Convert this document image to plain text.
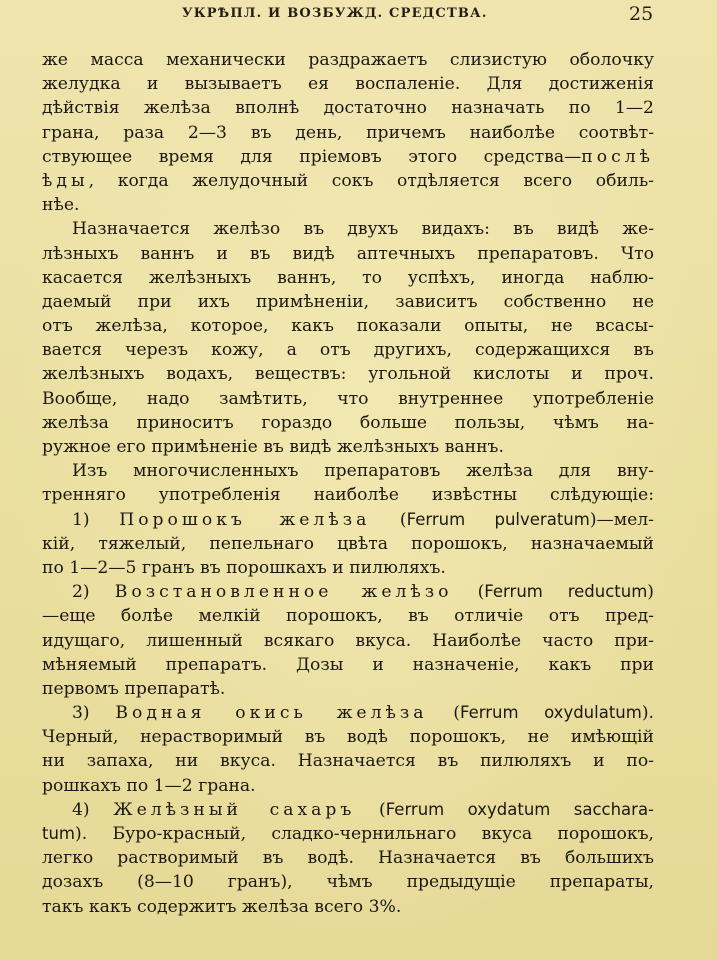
УКРѢПЛ. И ВОЗБУЖД. СРЕДСТВА.	25
же масса механически раздражаетъ слизистую оболочку
желудка и вызываетъ ея воспаленіе. Для достиженія
дѣйствія желѣза вполнѣ достаточно назначать по 1—2
грана, раза 2—3 въ день, причемъ наиболѣе соотвѣт-
ствующее время для пріемовъ этого средства—послѣ
ѣды, когда желудочный сокъ отдѣляется всего обиль-
нѣе.
Назначается желѣзо въ двухъ видахъ: въ видѣ же-
лѣзныхъ ваннъ и въ видѣ аптечныхъ препаратовъ. Что
касается желѣзныхъ ваннъ, то успѣхъ, иногда наблю-
даемый при ихъ примѣненіи, зависитъ собственно не
отъ желѣза, которое, какъ показали опыты, не всасы-
вается черезъ кожу, а отъ другихъ, содержащихся въ
желѣзныхъ водахъ, веществъ: угольной кислоты и проч.
Вообще, надо замѣтить, что внутреннее употребленіе
желѣза приноситъ гораздо больше пользы, чѣмъ на-
ружное его примѣненіе въ видѣ желѣзныхъ ваннъ.
Изъ многочисленныхъ препаратовъ желѣза для вну-
тренняго употребленія наиболѣе извѣстны слѣдующіе:
1) Порошокъ желѣза (Ferrum pulveratum)—мел-
кій, тяжелый, пепельнаго цвѣта порошокъ, назначаемый
по 1—2—5 гранъ въ порошкахъ и пилюляхъ.
2) Возстановленное желѣзо (Ferrum reductum)
—еще болѣе мелкій порошокъ, въ отличіе отъ пред-
идущаго, лишенный всякаго вкуса. Наиболѣе часто при-
мѣняемый препаратъ. Дозы и назначеніе, какъ при
первомъ препаратѣ.
3) Водная окись желѣза (Ferrum oxydulatum).
Черный, нерастворимый въ водѣ порошокъ, не имѣющій
ни запаха, ни вкуса. Назначается въ пилюляхъ и по-
рошкахъ по 1—2 грана.
4) Желѣзный сахаръ (Ferrum oxydatum sacchara-
tum). Буро-красный, сладко-чернильнаго вкуса порошокъ,
легко растворимый въ водѣ. Назначается въ большихъ
дозахъ (8—10 гранъ), чѣмъ предыдущіе препараты,
такъ какъ содержитъ желѣза всего 3%.
